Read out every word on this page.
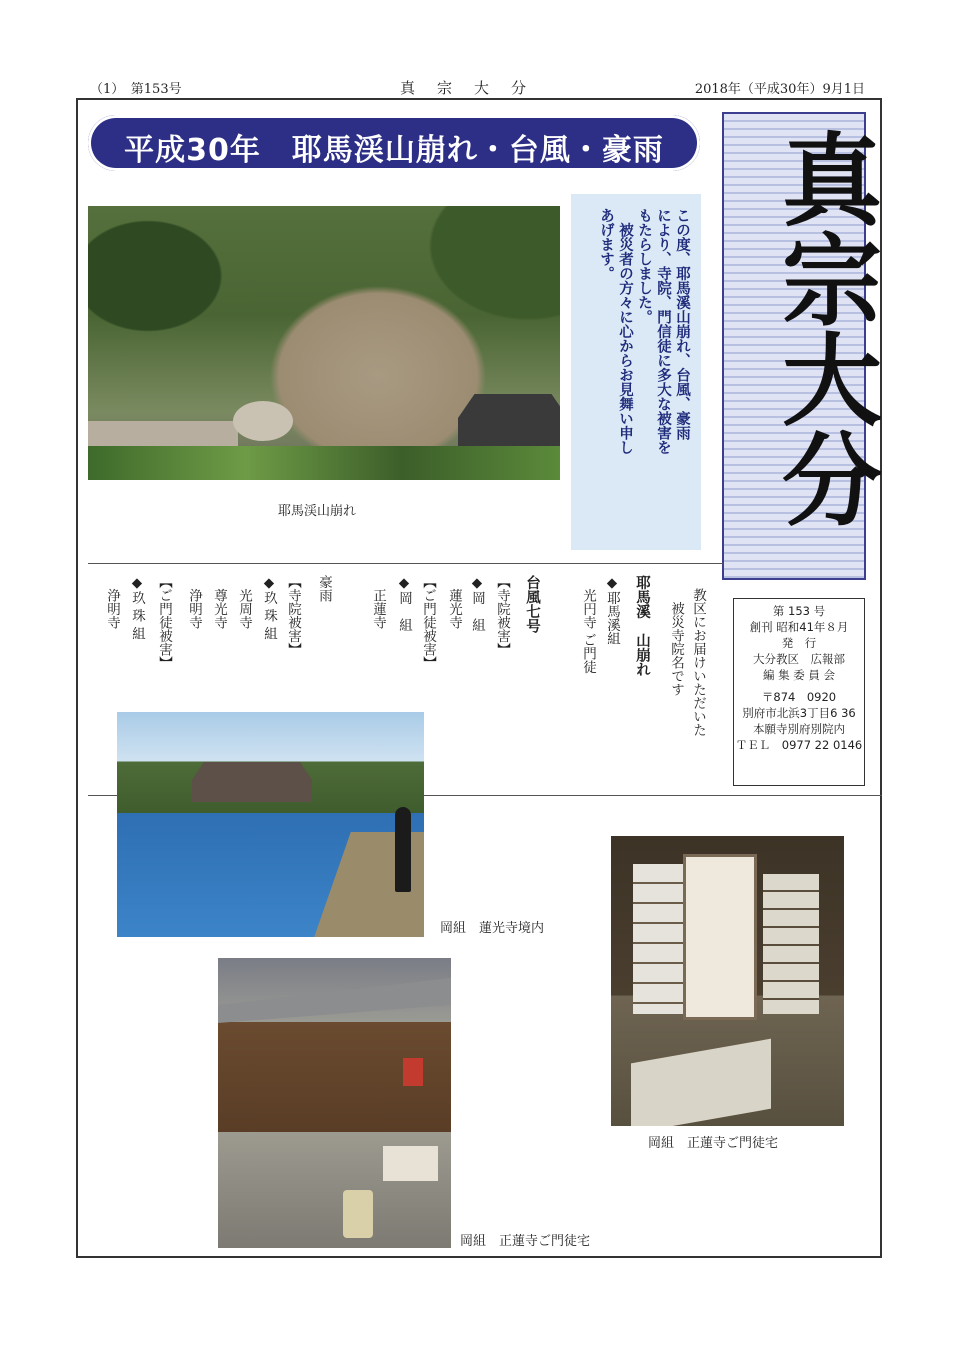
（1）　第153号	真宗大分	2018年（平成30年）9月1日
平成30年　耶馬渓山崩れ・台風・豪雨	真宗大分
耶馬渓山崩れ
この度、耶馬溪山崩れ、台風、豪雨
により、寺院、門信徒に多大な被害を
もたらしました。
　被災者の方々に心からお見舞い申し
あげます。
教区にお届けいただいた
　被災寺院名です
耶馬溪　山崩れ
◆耶馬溪組
　光円寺 ご門徒
台風七号
【寺院被害】
◆岡　組
　蓮光寺
【ご門徒被害】
◆岡　組
　正蓮寺
豪雨
【寺院被害】
◆玖 珠 組
　光周寺
　尊光寺
　浄明寺
【ご門徒被害】
◆玖 珠 組
　浄明寺	第 153 号
創刊 昭和41年８月
発　行
大分教区　広報部
編 集 委 員 会
〒874　0920
別府市北浜3丁目6 36
本願寺別府別院内
ＴＥＬ　0977 22 0146
岡組　蓮光寺境内
岡組　正蓮寺ご門徒宅
岡組　正蓮寺ご門徒宅
